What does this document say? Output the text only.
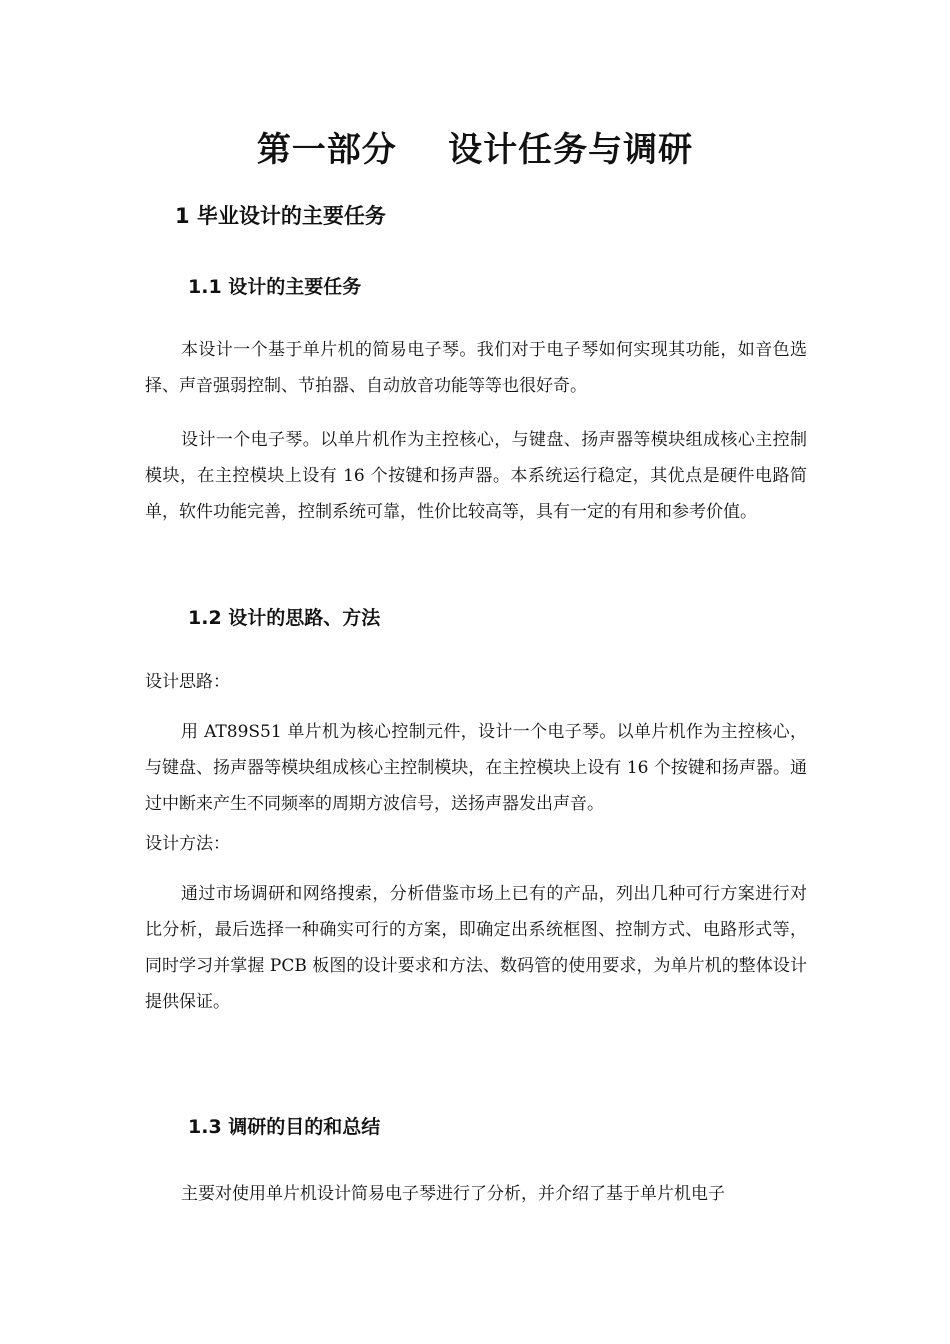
第一部分    设计任务与调研
1 毕业设计的主要任务
1.1 设计的主要任务

本设计一个基于单片机的简易电子琴。我们对于电子琴如何实现其功能，如音色选择、声音强弱控制、节拍器、自动放音功能等等也很好奇。

设计一个电子琴。以单片机作为主控核心，与键盘、扬声器等模块组成核心主控制模块，在主控模块上设有 16 个按键和扬声器。本系统运行稳定，其优点是硬件电路简单，软件功能完善，控制系统可靠，性价比较高等，具有一定的有用和参考价值。

1.2 设计的思路、方法
设计思路：

用 AT89S51 单片机为核心控制元件，设计一个电子琴。以单片机作为主控核心，与键盘、扬声器等模块组成核心主控制模块，在主控模块上设有 16 个按键和扬声器。通过中断来产生不同频率的周期方波信号，送扬声器发出声音。

设计方法：

通过市场调研和网络搜索，分析借鉴市场上已有的产品，列出几种可行方案进行对比分析，最后选择一种确实可行的方案，即确定出系统框图、控制方式、电路形式等，同时学习并掌握 PCB 板图的设计要求和方法、数码管的使用要求，为单片机的整体设计提供保证。

1.3 调研的目的和总结

主要对使用单片机设计简易电子琴进行了分析，并介绍了基于单片机电子
